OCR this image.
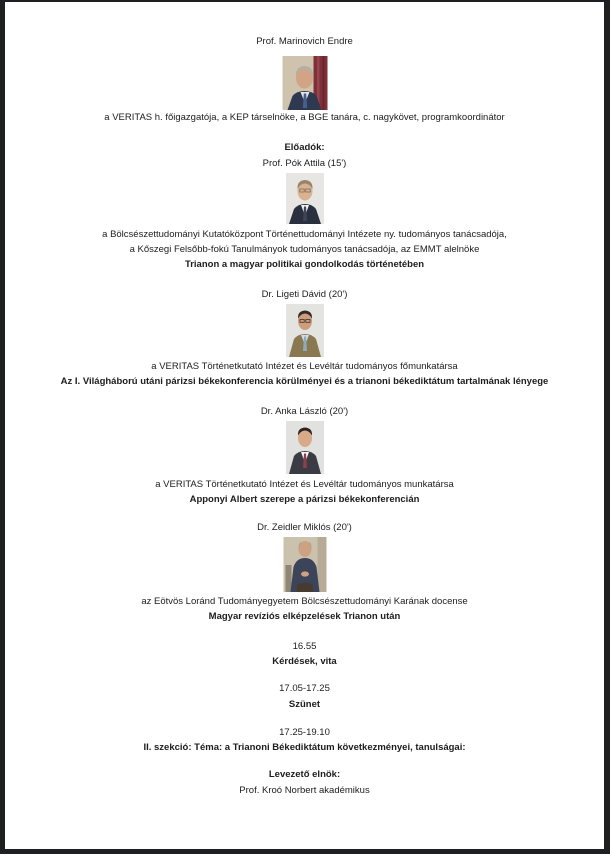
Prof. Marinovich Endre
a VERITAS h. főigazgatója, a KEP társelnöke, a BGE tanára, c. nagykövet, programkoordinátor
Előadók:
Prof. Pók Attila (15')
a Bölcsészettudományi Kutatóközpont Történettudományi Intézete ny. tudományos tanácsadója,
a Kőszegi Felsőbb-fokú Tanulmányok tudományos tanácsadója, az EMMT alelnöke
Trianon a magyar politikai gondolkodás történetében
Dr. Ligeti Dávid (20')
a VERITAS Történetkutató Intézet és Levéltár tudományos főmunkatársa
Az I. Világháború utáni párizsi békekonferencia körülményei és a trianoni békediktátum tartalmának lényege
Dr. Anka László (20')
a VERITAS Történetkutató Intézet és Levéltár tudományos munkatársa
Apponyi Albert szerepe a párizsi békekonferencián
Dr. Zeidler Miklós (20')
az Eötvös Loránd Tudományegyetem Bölcsészettudományi Karának docense
Magyar revíziós elképzelések Trianon után
16.55
Kérdések, vita
17.05-17.25
Szünet
17.25-19.10
II. szekció: Téma: a Trianoni Békediktátum következményei, tanulságai:
Levezető elnök:
Prof. Kroó Norbert akadémikus
